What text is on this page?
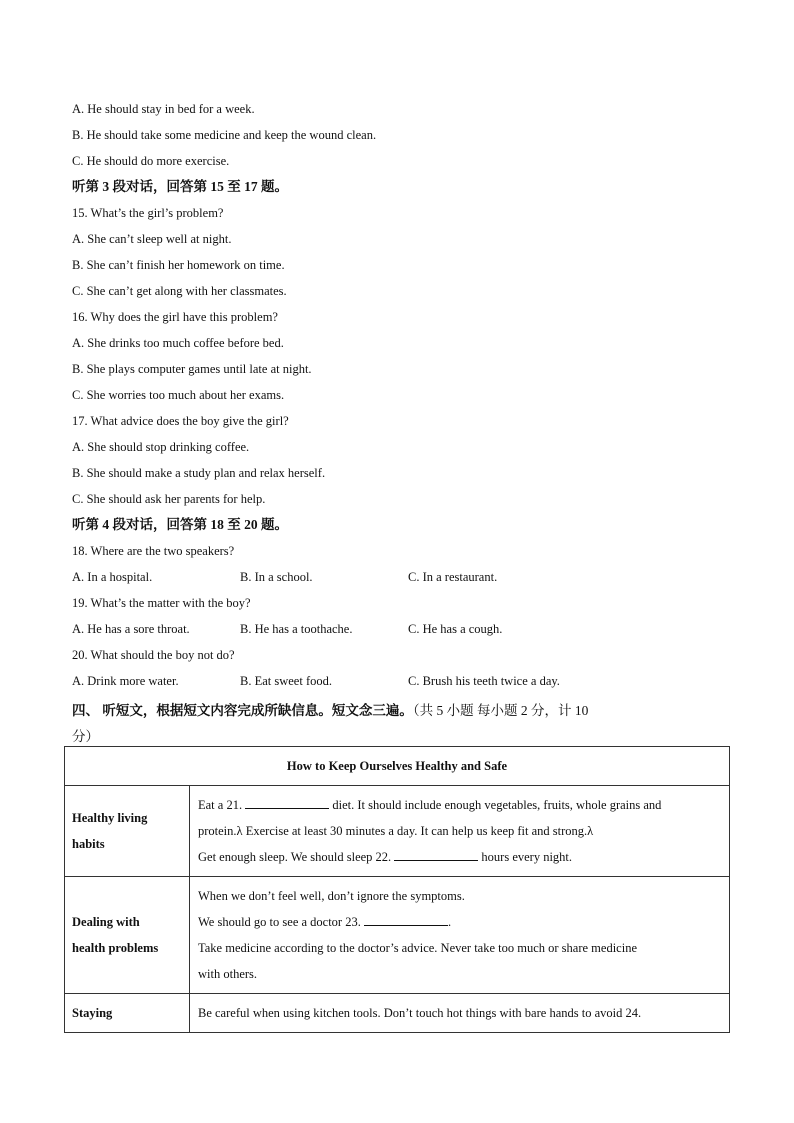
A. He should stay in bed for a week.
B. He should take some medicine and keep the wound clean.
C. He should do more exercise.
听第 3 段对话，回答第 15 至 17 题。
15. What’s the girl’s problem?
A. She can’t sleep well at night.
B. She can’t finish her homework on time.
C. She can’t get along with her classmates.
16. Why does the girl have this problem?
A. She drinks too much coffee before bed.
B. She plays computer games until late at night.
C. She worries too much about her exams.
17. What advice does the boy give the girl?
A. She should stop drinking coffee.
B. She should make a study plan and relax herself.
C. She should ask her parents for help.
听第 4 段对话，回答第 18 至 20 题。
18. Where are the two speakers?
A. In a hospital.	B. In a school.	C. In a restaurant.
19. What’s the matter with the boy?
A. He has a sore throat.	B. He has a toothache.	C. He has a cough.
20. What should the boy not do?
A. Drink more water.	B. Eat sweet food.	C. Brush his teeth twice a day.
四、 听短文，根据短文内容完成所缺信息。短文念三遍。（共 5 小题 每小题 2 分，计 10
分）
How to Keep Ourselves Healthy and Safe	
Healthy living
habits	Eat a 21. diet. It should include enough vegetables, fruits, whole grains and
protein.λ Exercise at least 30 minutes a day. It can help us keep fit and strong.λ
Get enough sleep. We should sleep 22. hours every night.
Dealing with
health problems	When we don’t feel well, don’t ignore the symptoms.
We should go to see a doctor 23. .
Take medicine according to the doctor’s advice. Never take too much or share medicine
with others.
Staying	Be careful when using kitchen tools. Don’t touch hot things with bare hands to avoid 24.
